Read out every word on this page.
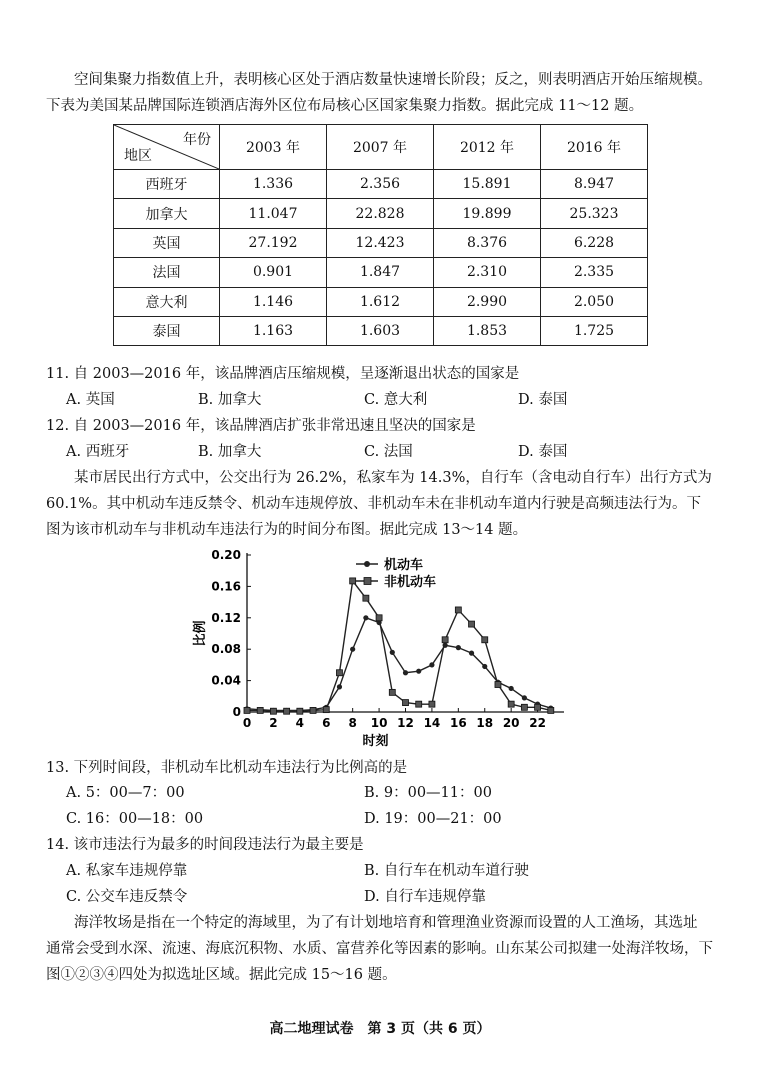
空间集聚力指数值上升，表明核心区处于酒店数量快速增长阶段；反之，则表明酒店开始压缩规模。
下表为美国某品牌国际连锁酒店海外区位布局核心区国家集聚力指数。据此完成 11～12 题。
年份
地区	2003 年	2007 年	2012 年	2016 年
西班牙	1.336	2.356	15.891	8.947
加拿大	11.047	22.828	19.899	25.323
英国	27.192	12.423	8.376	6.228
法国	0.901	1.847	2.310	2.335
意大利	1.146	1.612	2.990	2.050
泰国	1.163	1.603	1.853	1.725
11. 自 2003—2016 年，该品牌酒店压缩规模，呈逐渐退出状态的国家是
A. 英国	B. 加拿大	C. 意大利	D. 泰国
12. 自 2003—2016 年，该品牌酒店扩张非常迅速且坚决的国家是
A. 西班牙	B. 加拿大	C. 法国	D. 泰国
某市居民出行方式中，公交出行为 26.2%，私家车为 14.3%，自行车（含电动自行车）出行方式为
60.1%。其中机动车违反禁令、机动车违规停放、非机动车未在非机动车道内行驶是高频违法行为。下
图为该市机动车与非机动车违法行为的时间分布图。据此完成 13～14 题。
0
0.04
0.08
0.12
0.16
0.20
0 2 4 6 8 10 12 14 16 18 20 22
时刻
比例
机动车
非机动车
13. 下列时间段，非机动车比机动车违法行为比例高的是
A. 5：00—7：00	B. 9：00—11：00
C. 16：00—18：00	D. 19：00—21：00
14. 该市违法行为最多的时间段违法行为最主要是
A. 私家车违规停靠	B. 自行车在机动车道行驶
C. 公交车违反禁令	D. 自行车违规停靠
海洋牧场是指在一个特定的海域里，为了有计划地培育和管理渔业资源而设置的人工渔场，其选址
通常会受到水深、流速、海底沉积物、水质、富营养化等因素的影响。山东某公司拟建一处海洋牧场，下
图①②③④四处为拟选址区域。据此完成 15～16 题。
高二地理试卷　第 3 页（共 6 页）
